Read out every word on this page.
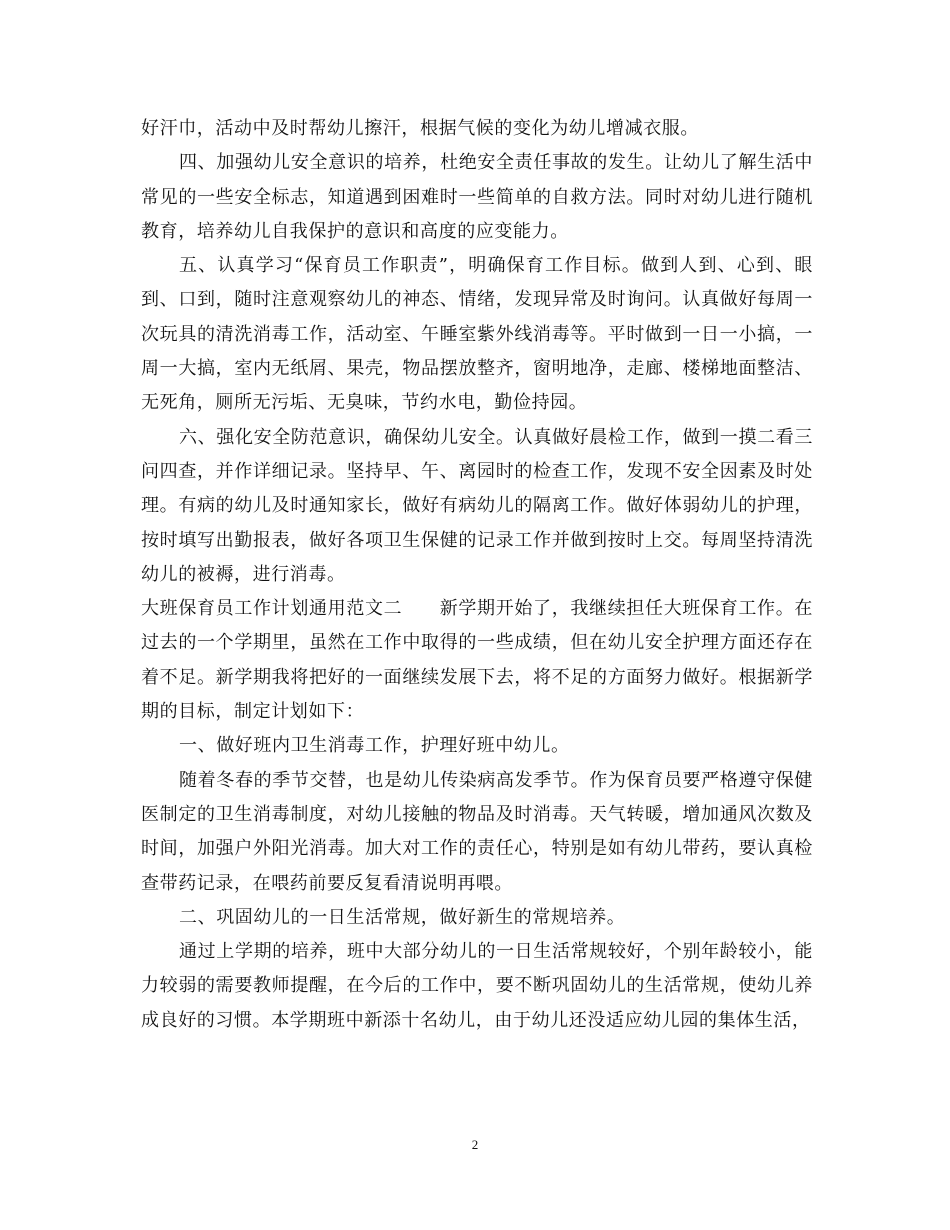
好汗巾，活动中及时帮幼儿擦汗，根据气候的变化为幼儿增减衣服。

四、加强幼儿安全意识的培养，杜绝安全责任事故的发生。让幼儿了解生活中常见的一些安全标志，知道遇到困难时一些简单的自救方法。同时对幼儿进行随机教育，培养幼儿自我保护的意识和高度的应变能力。

五、认真学习“保育员工作职责”，明确保育工作目标。做到人到、心到、眼到、口到，随时注意观察幼儿的神态、情绪，发现异常及时询问。认真做好每周一次玩具的清洗消毒工作，活动室、午睡室紫外线消毒等。平时做到一日一小搞，一周一大搞，室内无纸屑、果壳，物品摆放整齐，窗明地净，走廊、楼梯地面整洁、无死角，厕所无污垢、无臭味，节约水电，勤俭持园。

六、强化安全防范意识，确保幼儿安全。认真做好晨检工作，做到一摸二看三问四查，并作详细记录。坚持早、午、离园时的检查工作，发现不安全因素及时处理。有病的幼儿及时通知家长，做好有病幼儿的隔离工作。做好体弱幼儿的护理，按时填写出勤报表，做好各项卫生保健的记录工作并做到按时上交。每周坚持清洗幼儿的被褥，进行消毒。

大班保育员工作计划通用范文二　　新学期开始了，我继续担任大班保育工作。在过去的一个学期里，虽然在工作中取得的一些成绩，但在幼儿安全护理方面还存在着不足。新学期我将把好的一面继续发展下去，将不足的方面努力做好。根据新学期的目标，制定计划如下：

一、做好班内卫生消毒工作，护理好班中幼儿。

随着冬春的季节交替，也是幼儿传染病高发季节。作为保育员要严格遵守保健医制定的卫生消毒制度，对幼儿接触的物品及时消毒。天气转暖，增加通风次数及时间，加强户外阳光消毒。加大对工作的责任心，特别是如有幼儿带药，要认真检查带药记录，在喂药前要反复看清说明再喂。

二、巩固幼儿的一日生活常规，做好新生的常规培养。

通过上学期的培养，班中大部分幼儿的一日生活常规较好，个别年龄较小，能力较弱的需要教师提醒，在今后的工作中，要不断巩固幼儿的生活常规，使幼儿养成良好的习惯。本学期班中新添十名幼儿，由于幼儿还没适应幼儿园的集体生活，

2
